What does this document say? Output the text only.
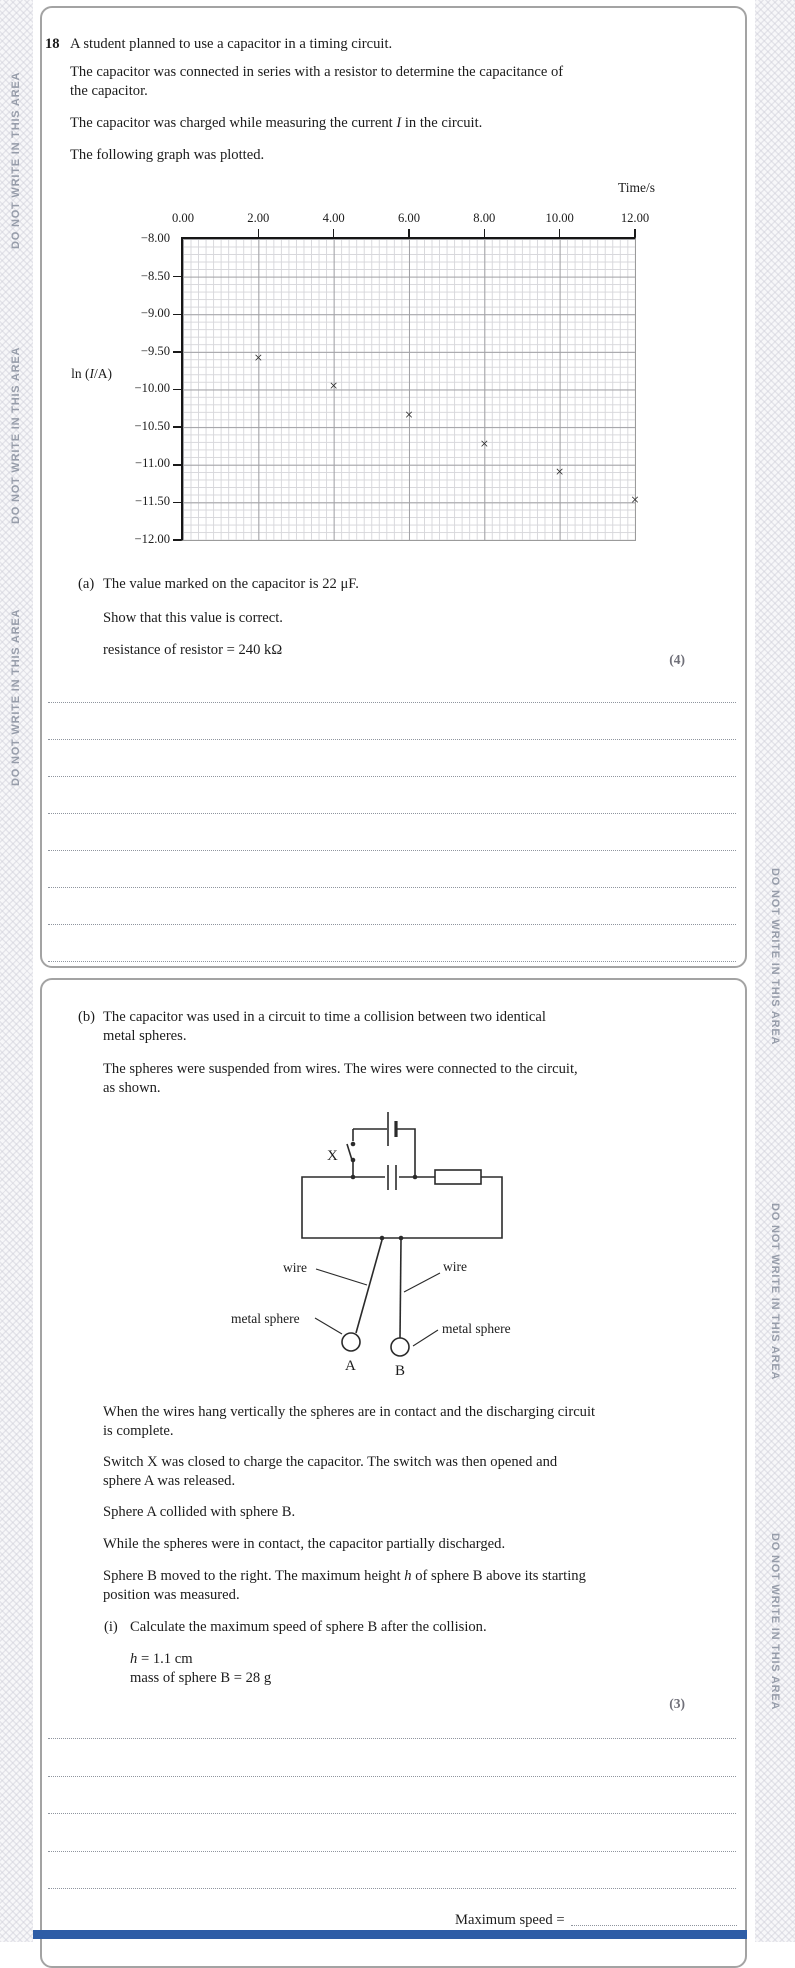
DO NOT WRITE IN THIS AREA
DO NOT WRITE IN THIS AREA
DO NOT WRITE IN THIS AREA
DO NOT WRITE IN THIS AREA
DO NOT WRITE IN THIS AREA
DO NOT WRITE IN THIS AREA
18 A student planned to use a capacitor in a timing circuit.
The capacitor was connected in series with a resistor to determine the capacitance of
the capacitor.
The capacitor was charged while measuring the current I in the circuit.
The following graph was plotted.
Time/s
0.00	2.00	4.00	6.00	8.00	10.00	12.00
−8.00
−8.50
−9.00
−9.50
−10.00
−10.50
−11.00
−11.50
−12.00
ln (I/A)
×
×
×
×
×
×
(a) The value marked on the capacitor is 22 μF.
Show that this value is correct.
resistance of resistor = 240 kΩ
(4)
(b) The capacitor was used in a circuit to time a collision between two identical
metal spheres.
The spheres were suspended from wires. The wires were connected to the circuit,
as shown.
X
wire	wire
metal sphere
metal sphere
A	B
When the wires hang vertically the spheres are in contact and the discharging circuit
is complete.
Switch X was closed to charge the capacitor. The switch was then opened and
sphere A was released.
Sphere A collided with sphere B.
While the spheres were in contact, the capacitor partially discharged.
Sphere B moved to the right. The maximum height h of sphere B above its starting
position was measured.
(i) Calculate the maximum speed of sphere B after the collision.
h = 1.1 cm
mass of sphere B = 28 g
(3)
Maximum speed =
